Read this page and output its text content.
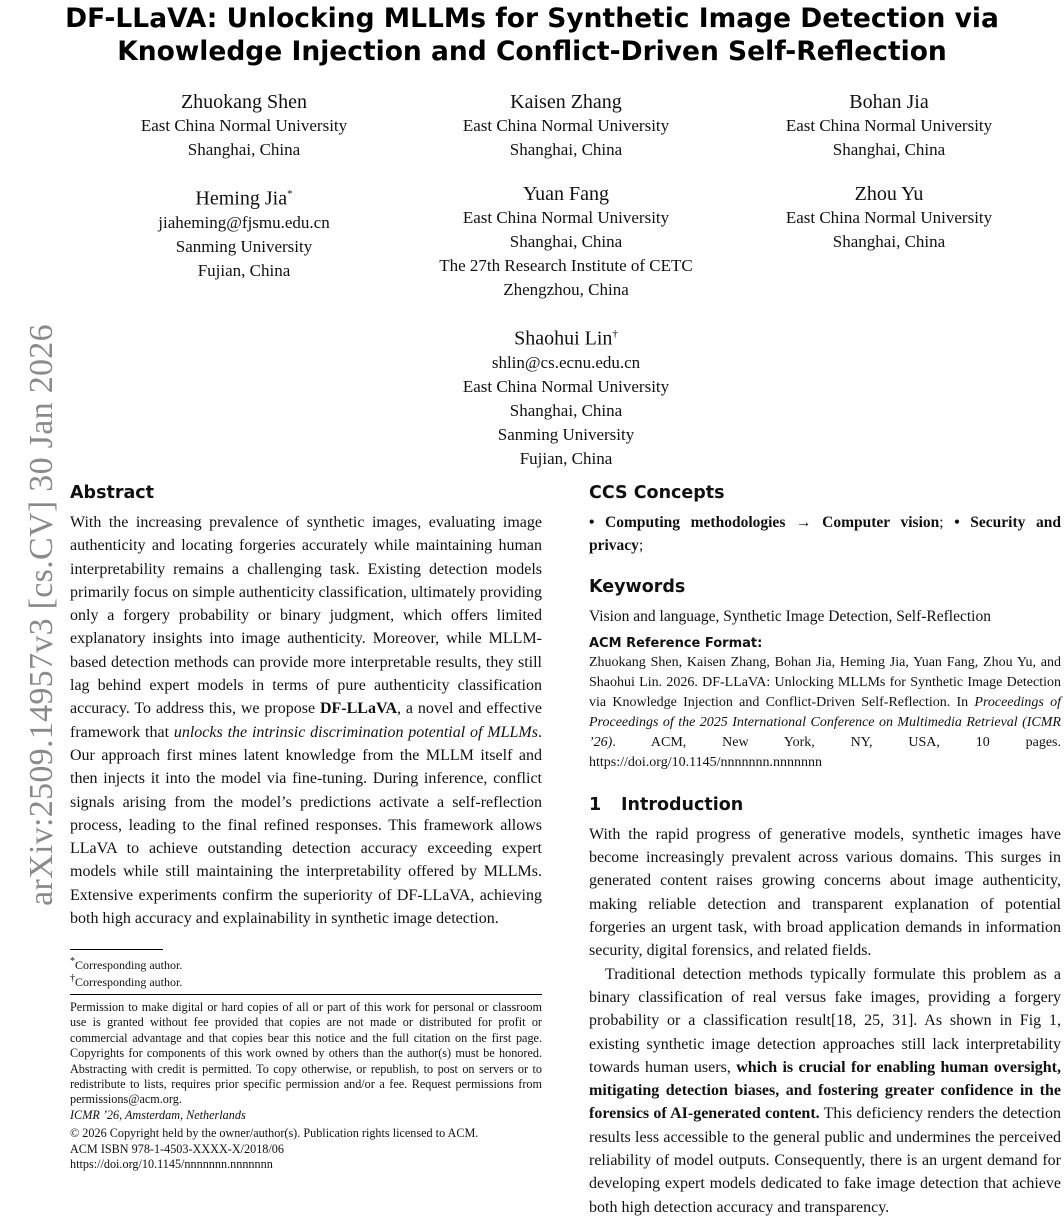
DF-LLaVA: Unlocking MLLMs for Synthetic Image Detection via
Knowledge Injection and Conflict-Driven Self-Reflection
Zhuokang Shen
East China Normal University
Shanghai, China
Kaisen Zhang
East China Normal University
Shanghai, China
Bohan Jia
East China Normal University
Shanghai, China
Heming Jia*
jiaheming@fjsmu.edu.cn
Sanming University
Fujian, China
Yuan Fang
East China Normal University
Shanghai, China
The 27th Research Institute of CETC
Zhengzhou, China
Zhou Yu
East China Normal University
Shanghai, China
Shaohui Lin†
shlin@cs.ecnu.edu.cn
East China Normal University
Shanghai, China
Sanming University
Fujian, China
arXiv:2509.14957v3 [cs.CV] 30 Jan 2026 Abstract

With the increasing prevalence of synthetic images, evaluating image authenticity and locating forgeries accurately while maintaining human interpretability remains a challenging task. Existing detection models primarily focus on simple authenticity classification, ultimately providing only a forgery probability or binary judgment, which offers limited explanatory insights into image authenticity. Moreover, while MLLM-based detection methods can provide more interpretable results, they still lag behind expert models in terms of pure authenticity classification accuracy. To address this, we propose DF-LLaVA, a novel and effective framework that unlocks the intrinsic discrimination potential of MLLMs. Our approach first mines latent knowledge from the MLLM itself and then injects it into the model via fine-tuning. During inference, conflict signals arising from the model’s predictions activate a self-reflection process, leading to the final refined responses. This framework allows LLaVA to achieve outstanding detection accuracy exceeding expert models while still maintaining the interpretability offered by MLLMs. Extensive experiments confirm the superiority of DF-LLaVA, achieving both high accuracy and explainability in synthetic image detection.

*Corresponding author.
†Corresponding author.
Permission to make digital or hard copies of all or part of this work for personal or classroom use is granted without fee provided that copies are not made or distributed for profit or commercial advantage and that copies bear this notice and the full citation on the first page. Copyrights for components of this work owned by others than the author(s) must be honored. Abstracting with credit is permitted. To copy otherwise, or republish, to post on servers or to redistribute to lists, requires prior specific permission and/or a fee. Request permissions from permissions@acm.org.
ICMR ’26, Amsterdam, Netherlands
© 2026 Copyright held by the owner/author(s). Publication rights licensed to ACM.
ACM ISBN 978-1-4503-XXXX-X/2018/06
https://doi.org/10.1145/nnnnnnn.nnnnnnn
CCS Concepts

• Computing methodologies → Computer vision; • Security and privacy;

Keywords

Vision and language, Synthetic Image Detection, Self-Reflection

ACM Reference Format:

Zhuokang Shen, Kaisen Zhang, Bohan Jia, Heming Jia, Yuan Fang, Zhou Yu, and Shaohui Lin. 2026. DF-LLaVA: Unlocking MLLMs for Synthetic Image Detection via Knowledge Injection and Conflict-Driven Self-Reflection. In Proceedings of Proceedings of the 2025 International Conference on Multimedia Retrieval (ICMR ’26). ACM, New York, NY, USA, 10 pages. https://doi.org/10.1145/nnnnnnn.nnnnnnn

1 Introduction

With the rapid progress of generative models, synthetic images have become increasingly prevalent across various domains. This surges in generated content raises growing concerns about image authenticity, making reliable detection and transparent explanation of potential forgeries an urgent task, with broad application demands in information security, digital forensics, and related fields.

Traditional detection methods typically formulate this problem as a binary classification of real versus fake images, providing a forgery probability or a classification result[18, 25, 31]. As shown in Fig 1, existing synthetic image detection approaches still lack interpretability towards human users, which is crucial for enabling human oversight, mitigating detection biases, and fostering greater confidence in the forensics of AI-generated content. This deficiency renders the detection results less accessible to the general public and undermines the perceived reliability of model outputs. Consequently, there is an urgent demand for developing expert models dedicated to fake image detection that achieve both high detection accuracy and transparency.
